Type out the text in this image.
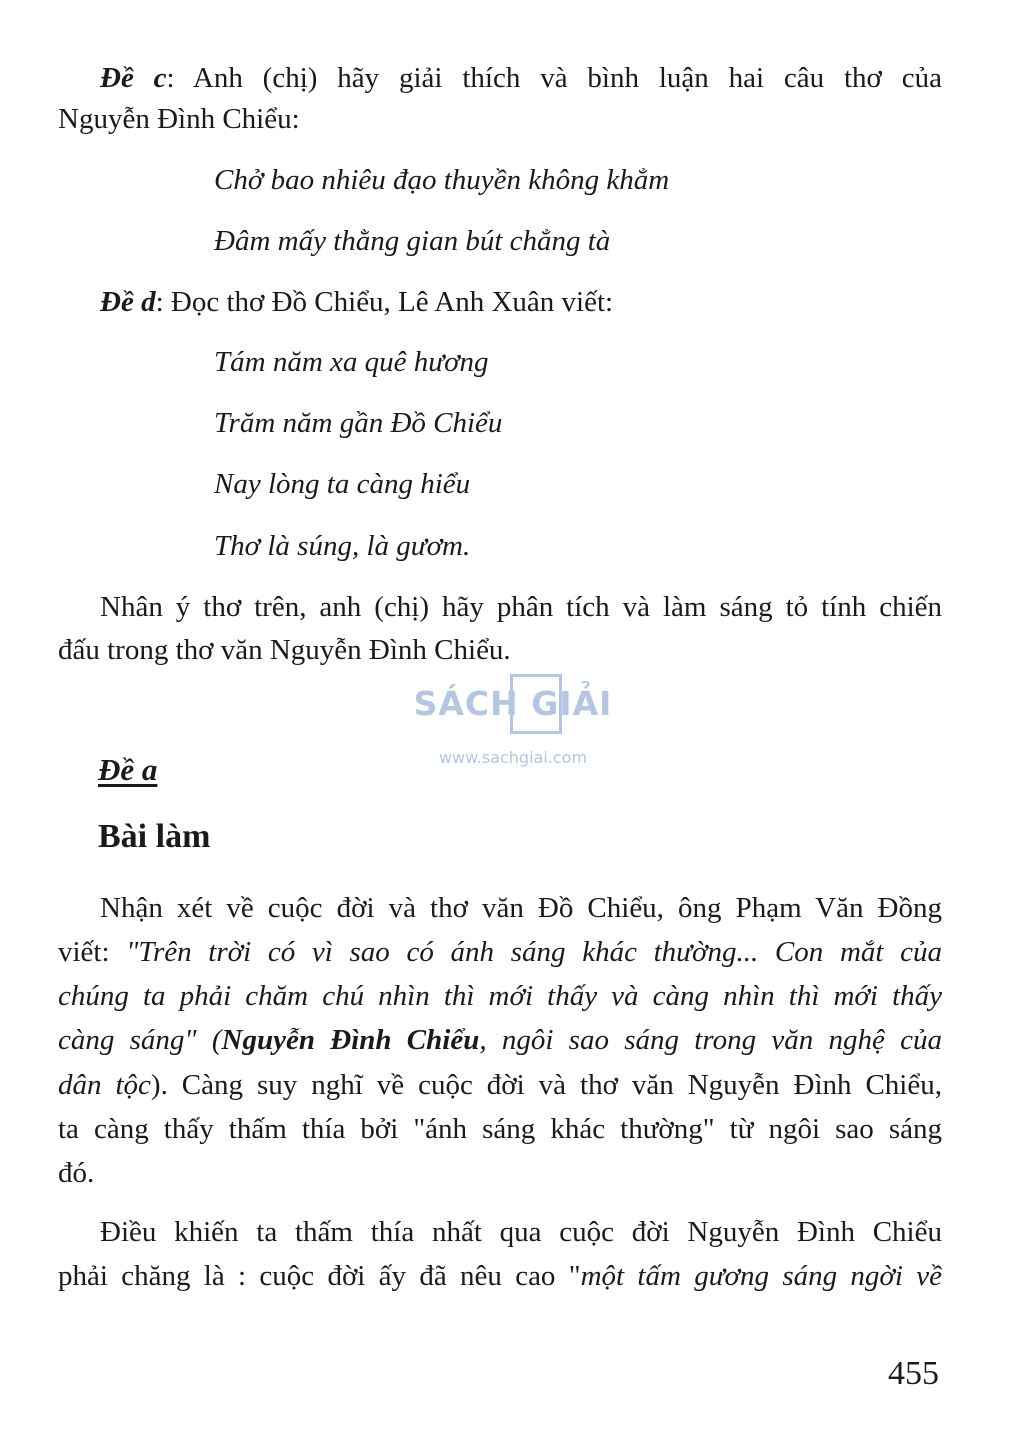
Đề c: Anh (chị) hãy giải thích và bình luận hai câu thơ của
Nguyễn Đình Chiểu:
Chở bao nhiêu đạo thuyền không khẳm
Đâm mấy thằng gian bút chẳng tà
Đề d: Đọc thơ Đồ Chiểu, Lê Anh Xuân viết:
Tám năm xa quê hương
Trăm năm gần Đồ Chiểu
Nay lòng ta càng hiểu
Thơ là súng, là gươm.
Nhân ý thơ trên, anh (chị) hãy phân tích và làm sáng tỏ tính chiến
đấu trong thơ văn Nguyễn Đình Chiểu.
SÁCH GIẢI
www.sachgiai.com
Đề a
Bài làm
Nhận xét về cuộc đời và thơ văn Đồ Chiểu, ông Phạm Văn Đồng
viết: "Trên trời có vì sao có ánh sáng khác thường... Con mắt của
chúng ta phải chăm chú nhìn thì mới thấy và càng nhìn thì mới thấy
càng sáng" (Nguyễn Đình Chiểu, ngôi sao sáng trong văn nghệ của
dân tộc). Càng suy nghĩ về cuộc đời và thơ văn Nguyễn Đình Chiểu,
ta càng thấy thấm thía bởi "ánh sáng khác thường" từ ngôi sao sáng
đó.
Điều khiến ta thấm thía nhất qua cuộc đời Nguyễn Đình Chiểu
phải chăng là : cuộc đời ấy đã nêu cao "một tấm gương sáng ngời về
455
